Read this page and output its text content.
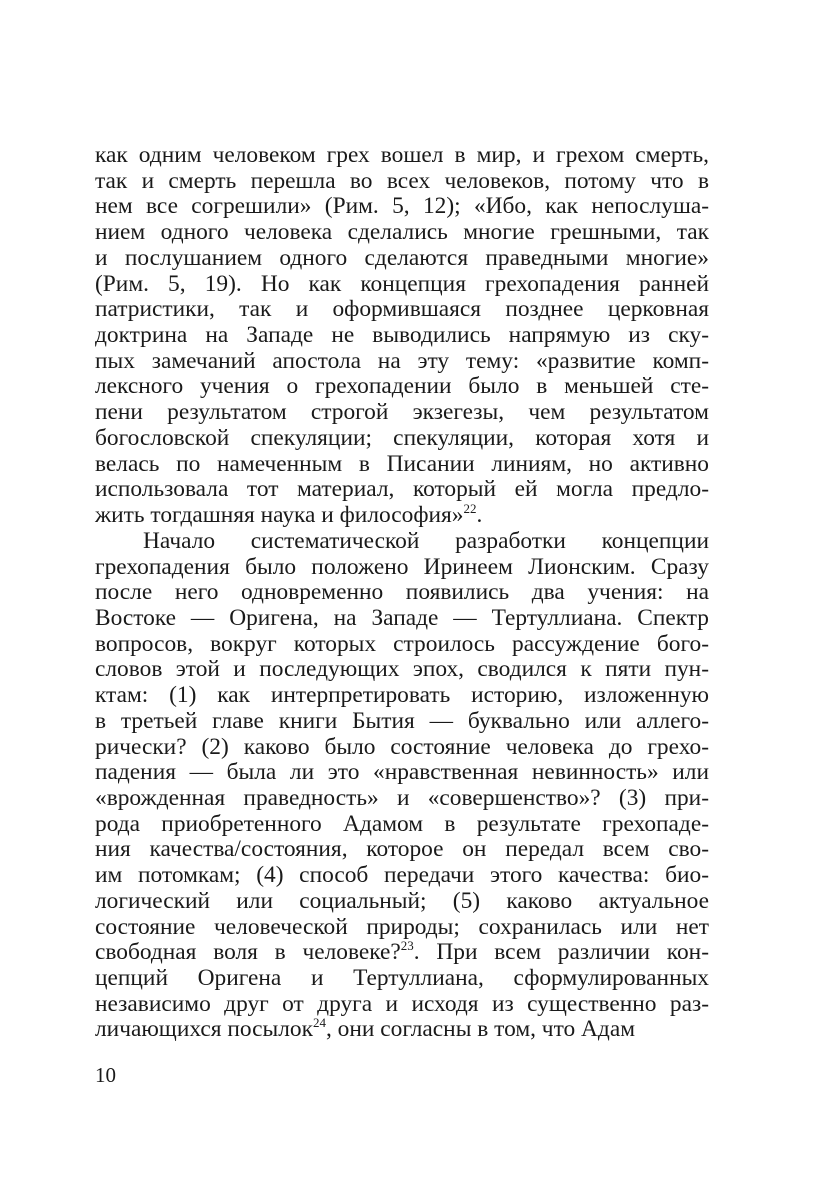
как одним человеком грех вошел в мир, и грехом смерть,
так и смерть перешла во всех человеков, потому что в
нем все согрешили» (Рим. 5, 12); «Ибо, как непослуша-
нием одного человека сделались многие грешными, так
и послушанием одного сделаются праведными многие»
(Рим. 5, 19). Но как концепция грехопадения ранней
патристики, так и оформившаяся позднее церковная
доктрина на Западе не выводились напрямую из ску-
пых замечаний апостола на эту тему: «развитие комп-
лексного учения о грехопадении было в меньшей сте-
пени результатом строгой экзегезы, чем результатом
богословской спекуляции; спекуляции, которая хотя и
велась по намеченным в Писании линиям, но активно
использовала тот материал, который ей могла предло-
жить тогдашняя наука и философия»$^{22}$.
Начало систематической разработки концепции
грехопадения было положено Иринеем Лионским. Сразу
после него одновременно появились два учения: на
Востоке — Оригена, на Западе — Тертуллиана. Спектр
вопросов, вокруг которых строилось рассуждение бого-
словов этой и последующих эпох, сводился к пяти пун-
ктам: (1) как интерпретировать историю, изложенную
в третьей главе книги Бытия — буквально или аллего-
рически? (2) каково было состояние человека до грехо-
падения — была ли это «нравственная невинность» или
«врожденная праведность» и «совершенство»? (3) при-
рода приобретенного Адамом в результате грехопаде-
ния качества/состояния, которое он передал всем сво-
им потомкам; (4) способ передачи этого качества: био-
логический или социальный; (5) каково актуальное
состояние человеческой природы; сохранилась или нет
свободная воля в человеке?$^{23}$. При всем различии кон-
цепций Оригена и Тертуллиана, сформулированных
независимо друг от друга и исходя из существенно раз-
личающихся посылок$^{24}$, они согласны в том, что Адам
10
